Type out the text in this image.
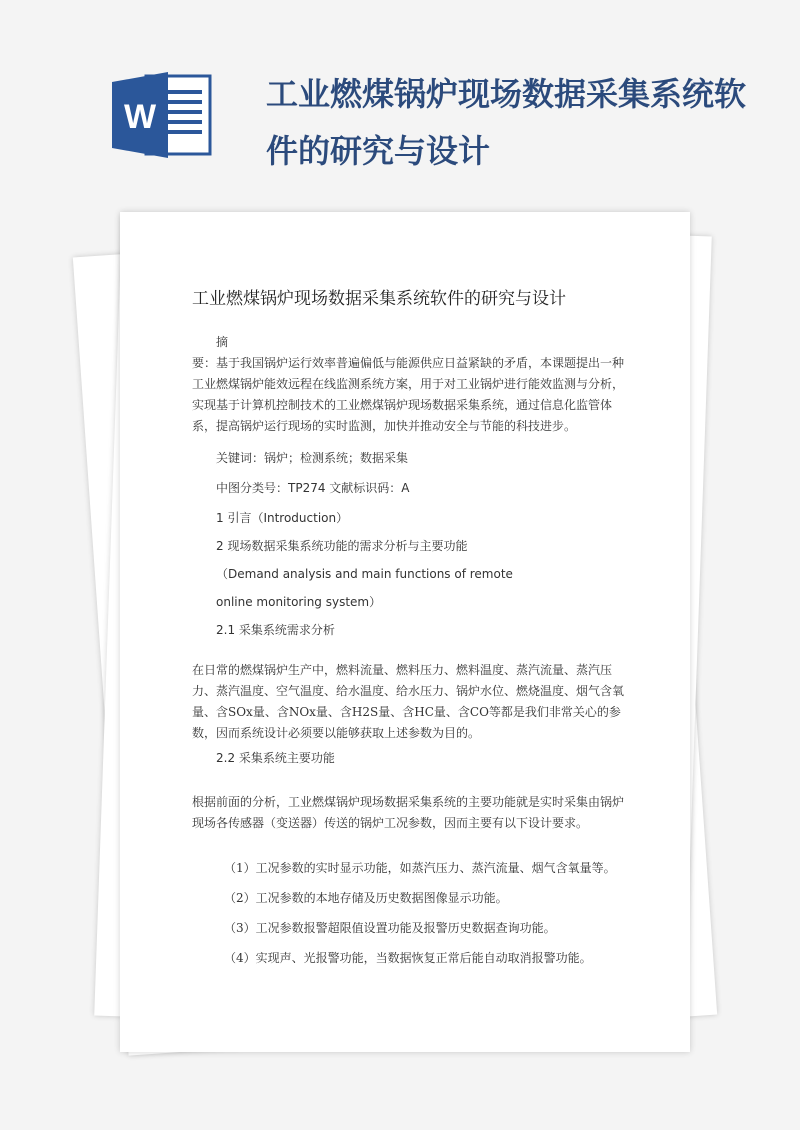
W
工业燃煤锅炉现场数据采集系统软件的研究与设计
工业燃煤锅炉现场数据采集系统软件的研究与设计

摘

要：基于我国锅炉运行效率普遍偏低与能源供应日益紧缺的矛盾，本课题提出一种工业燃煤锅炉能效远程在线监测系统方案，用于对工业锅炉进行能效监测与分析，实现基于计算机控制技术的工业燃煤锅炉现场数据采集系统，通过信息化监管体系，提高锅炉运行现场的实时监测，加快并推动安全与节能的科技进步。

关键词：锅炉；检测系统；数据采集

中图分类号：TP274 文献标识码：A

1 引言（Introduction）

2 现场数据采集系统功能的需求分析与主要功能

（Demand analysis and main functions of remote

online monitoring system）

2.1 采集系统需求分析

在日常的燃煤锅炉生产中，燃料流量、燃料压力、燃料温度、蒸汽流量、蒸汽压力、蒸汽温度、空气温度、给水温度、给水压力、锅炉水位、燃烧温度、烟气含氧量、含SOx量、含NOx量、含H2S量、含HC量、含CO等都是我们非常关心的参数，因而系统设计必须要以能够获取上述参数为目的。

2.2 采集系统主要功能

根据前面的分析，工业燃煤锅炉现场数据采集系统的主要功能就是实时采集由锅炉现场各传感器（变送器）传送的锅炉工况参数，因而主要有以下设计要求。

（1）工况参数的实时显示功能，如蒸汽压力、蒸汽流量、烟气含氧量等。

（2）工况参数的本地存储及历史数据图像显示功能。

（3）工况参数报警超限值设置功能及报警历史数据查询功能。

（4）实现声、光报警功能，当数据恢复正常后能自动取消报警功能。
